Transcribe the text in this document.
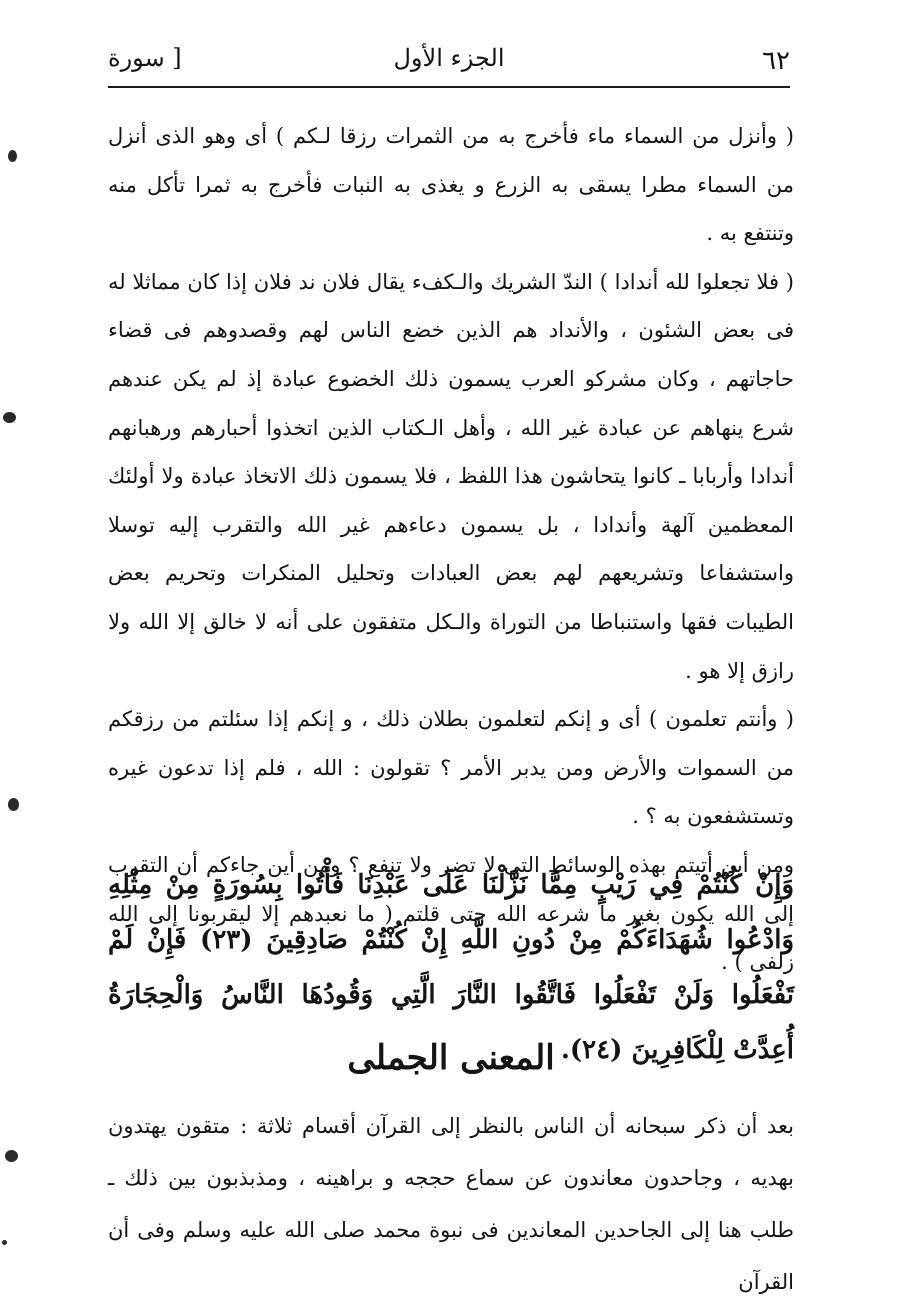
٦٢
الجزء الأول
[ سورة

( وأنزل من السماء ماء فأخرج به من الثمرات رزقا لـكم ) أى وهو الذى أنزل من السماء مطرا يسقى به الزرع و يغذى به النبات فأخرج به ثمرا تأكل منه وتنتفع به .

( فلا تجعلوا لله أندادا ) الندّ الشريك والـكفء يقال فلان ند فلان إذا كان مماثلا له فى بعض الشئون ، والأنداد هم الذين خضع الناس لهم وقصدوهم فى قضاء حاجاتهم ، وكان مشركو العرب يسمون ذلك الخضوع عبادة إذ لم يكن عندهم شرع ينهاهم عن عبادة غير الله ، وأهل الـكتاب الذين اتخذوا أحبارهم ورهبانهم أندادا وأربابا ـ كانوا يتحاشون هذا اللفظ ، فلا يسمون ذلك الاتخاذ عبادة ولا أولئك المعظمين آلهة وأندادا ، بل يسمون دعاءهم غير الله والتقرب إليه توسلا واستشفاعا وتشريعهم لهم بعض العبادات وتحليل المنكرات وتحريم بعض الطيبات فقها واستنباطا من التوراة والـكل متفقون على أنه لا خالق إلا الله ولا رازق إلا هو .

( وأنتم تعلمون ) أى و إنكم لتعلمون بطلان ذلك ، و إنكم إذا سئلتم من رزقكم من السموات والأرض ومن يدبر الأمر ؟ تقولون : الله ، فلم إذا تدعون غيره وتستشفعون به ؟ .

ومن أين أتيتم بهذه الوسائط التى لا تضر ولا تنفع ؟ ومن أين جاءكم أن التقرب إلى الله يكون بغير ما شرعه الله حتى قلتم ( ما نعبدهم إلا ليقربونا إلى الله زلفى ) .

وَإِنْ كُنْتُمْ فِي رَيْبٍ مِمَّا نَزَّلْنَا عَلَى عَبْدِنَا فَأْتُوا بِسُورَةٍ مِنْ مِثْلِهِ وَادْعُوا شُهَدَاءَكُمْ مِنْ دُونِ اللَّهِ إِنْ كُنْتُمْ صَادِقِينَ (٢٣) فَإِنْ لَمْ تَفْعَلُوا وَلَنْ تَفْعَلُوا فَاتَّقُوا النَّارَ الَّتِي وَقُودُهَا النَّاسُ وَالْحِجَارَةُ أُعِدَّتْ لِلْكَافِرِينَ (٢٤).
المعنى الجملى
بعد أن ذكر سبحانه أن الناس بالنظر إلى القرآن أقسام ثلاثة : متقون يهتدون بهديه ، وجاحدون معاندون عن سماع حججه و براهينه ، ومذبذبون بين ذلك ـ طلب هنا إلى الجاحدين المعاندين فى نبوة محمد صلى الله عليه وسلم وفى أن القرآن
